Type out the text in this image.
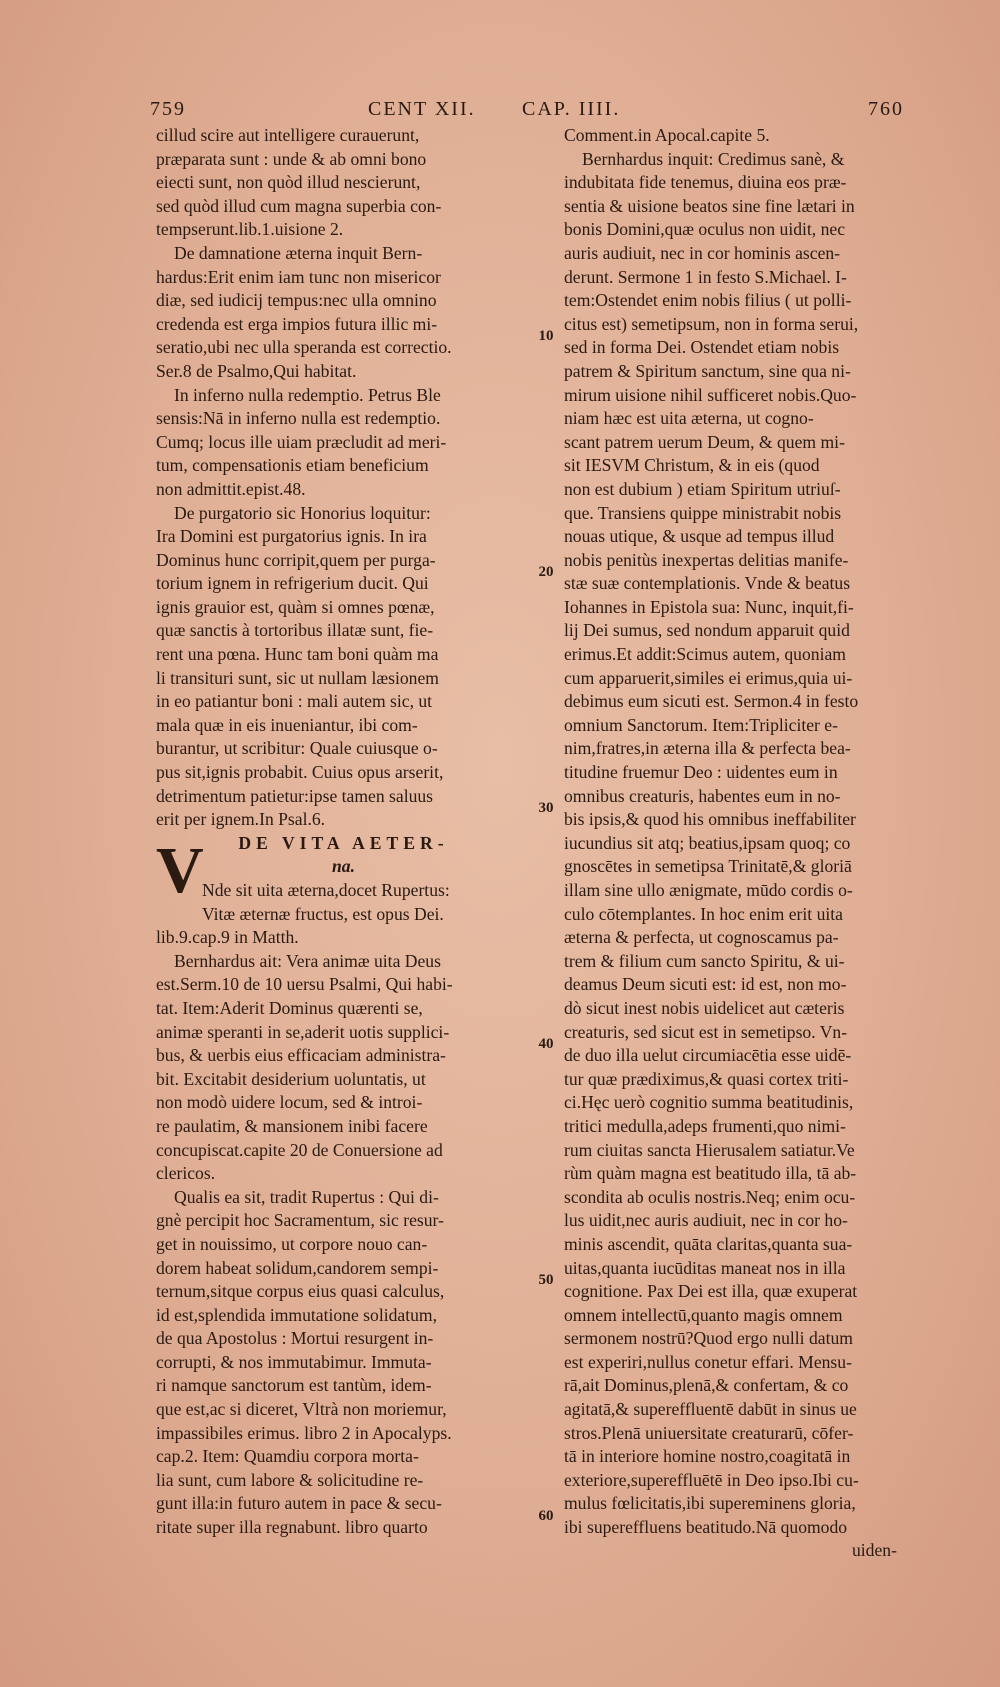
759	CENT XII. CAP. IIII.	760
V
cillud scire aut intelligere curauerunt,
præparata sunt : unde & ab omni bono
eiecti sunt, non quòd illud nescierunt,
sed quòd illud cum magna superbia con-
tempserunt.lib.1.uisione 2.
De damnatione æterna inquit Bern-
hardus:Erit enim iam tunc non misericor
diæ, sed iudicij tempus:nec ulla omnino
credenda est erga impios futura illic mi-
seratio,ubi nec ulla speranda est correctio.
Ser.8 de Psalmo,Qui habitat.
In inferno nulla redemptio. Petrus Ble
sensis:Nā in inferno nulla est redemptio.
Cumq; locus ille uiam præcludit ad meri-
tum, compensationis etiam beneficium
non admittit.epist.48.
De purgatorio sic Honorius loquitur:
Ira Domini est purgatorius ignis. In ira
Dominus hunc corripit,quem per purga-
torium ignem in refrigerium ducit. Qui
ignis grauior est, quàm si omnes pœnæ,
quæ sanctis à tortoribus illatæ sunt, fie-
rent una pœna. Hunc tam boni quàm ma
li transituri sunt, sic ut nullam læsionem
in eo patiantur boni : mali autem sic, ut
mala quæ in eis inueniantur, ibi com-
burantur, ut scribitur: Quale cuiusque o-
pus sit,ignis probabit. Cuius opus arserit,
detrimentum patietur:ipse tamen saluus
erit per ignem.In Psal.6.
DE VITA AETER-
na.
Nde sit uita æterna,docet Rupertus:
Vitæ æternæ fructus, est opus Dei.
lib.9.cap.9 in Matth.
Bernhardus ait: Vera animæ uita Deus
est.Serm.10 de 10 uersu Psalmi, Qui habi-
tat. Item:Aderit Dominus quærenti se,
animæ speranti in se,aderit uotis supplici-
bus, & uerbis eius efficaciam administra-
bit. Excitabit desiderium uoluntatis, ut
non modò uidere locum, sed & introi-
re paulatim, & mansionem inibi facere
concupiscat.capite 20 de Conuersione ad
clericos.
Qualis ea sit, tradit Rupertus : Qui di-
gnè percipit hoc Sacramentum, sic resur-
get in nouissimo, ut corpore nouo can-
dorem habeat solidum,candorem sempi-
ternum,sitque corpus eius quasi calculus,
id est,splendida immutatione solidatum,
de qua Apostolus : Mortui resurgent in-
corrupti, & nos immutabimur. Immuta-
ri namque sanctorum est tantùm, idem-
que est,ac si diceret, Vltrà non moriemur,
impassibiles erimus. libro 2 in Apocalyps.
cap.2. Item: Quamdiu corpora morta-
lia sunt, cum labore & solicitudine re-
gunt illa:in futuro autem in pace & secu-
ritate super illa regnabunt. libro quarto
Comment.in Apocal.capite 5.
Bernhardus inquit: Credimus sanè, &
indubitata fide tenemus, diuina eos præ-
sentia & uisione beatos sine fine lætari in
bonis Domini,quæ oculus non uidit, nec
auris audiuit, nec in cor hominis ascen-
derunt. Sermone 1 in festo S.Michael. I-
tem:Ostendet enim nobis filius ( ut polli-
citus est) semetipsum, non in forma serui,
sed in forma Dei. Ostendet etiam nobis
patrem & Spiritum sanctum, sine qua ni-
mirum uisione nihil sufficeret nobis.Quo-
niam hæc est uita æterna, ut cogno-
scant patrem uerum Deum, & quem mi-
sit IESVM Christum, & in eis (quod
non est dubium ) etiam Spiritum utriuſ-
que. Transiens quippe ministrabit nobis
nouas utique, & usque ad tempus illud
nobis penitùs inexpertas delitias manife-
stæ suæ contemplationis. Vnde & beatus
Iohannes in Epistola sua: Nunc, inquit,fi-
lij Dei sumus, sed nondum apparuit quid
erimus.Et addit:Scimus autem, quoniam
cum apparuerit,similes ei erimus,quia ui-
debimus eum sicuti est. Sermon.4 in festo
omnium Sanctorum. Item:Tripliciter e-
nim,fratres,in æterna illa & perfecta bea-
titudine fruemur Deo : uidentes eum in
omnibus creaturis, habentes eum in no-
bis ipsis,& quod his omnibus ineffabiliter
iucundius sit atq; beatius,ipsam quoq; co
gnoscētes in semetipsa Trinitatē,& gloriā
illam sine ullo ænigmate, mūdo cordis o-
culo cōtemplantes. In hoc enim erit uita
æterna & perfecta, ut cognoscamus pa-
trem & filium cum sancto Spiritu, & ui-
deamus Deum sicuti est: id est, non mo-
dò sicut inest nobis uidelicet aut cæteris
creaturis, sed sicut est in semetipso. Vn-
de duo illa uelut circumiacētia esse uidē-
tur quæ prædiximus,& quasi cortex triti-
ci.Hęc uerò cognitio summa beatitudinis,
tritici medulla,adeps frumenti,quo nimi-
rum ciuitas sancta Hierusalem satiatur.Ve
rùm quàm magna est beatitudo illa, tā ab-
scondita ab oculis nostris.Neq; enim ocu-
lus uidit,nec auris audiuit, nec in cor ho-
minis ascendit, quāta claritas,quanta sua-
uitas,quanta iucūditas maneat nos in illa
cognitione. Pax Dei est illa, quæ exuperat
omnem intellectū,quanto magis omnem
sermonem nostrū?Quod ergo nulli datum
est experiri,nullus conetur effari. Mensu-
rā,ait Dominus,plenā,& confertam, & co
agitatā,& supereffluentē dabūt in sinus ue
stros.Plenā uniuersitate creaturarū, cōfer-
tā in interiore homine nostro,coagitatā in
exteriore,supereffluētē in Deo ipso.Ibi cu-
mulus fœlicitatis,ibi supereminens gloria,
ibi supereffluens beatitudo.Nā quomodo
10
20
30
40
50
60
uiden-
